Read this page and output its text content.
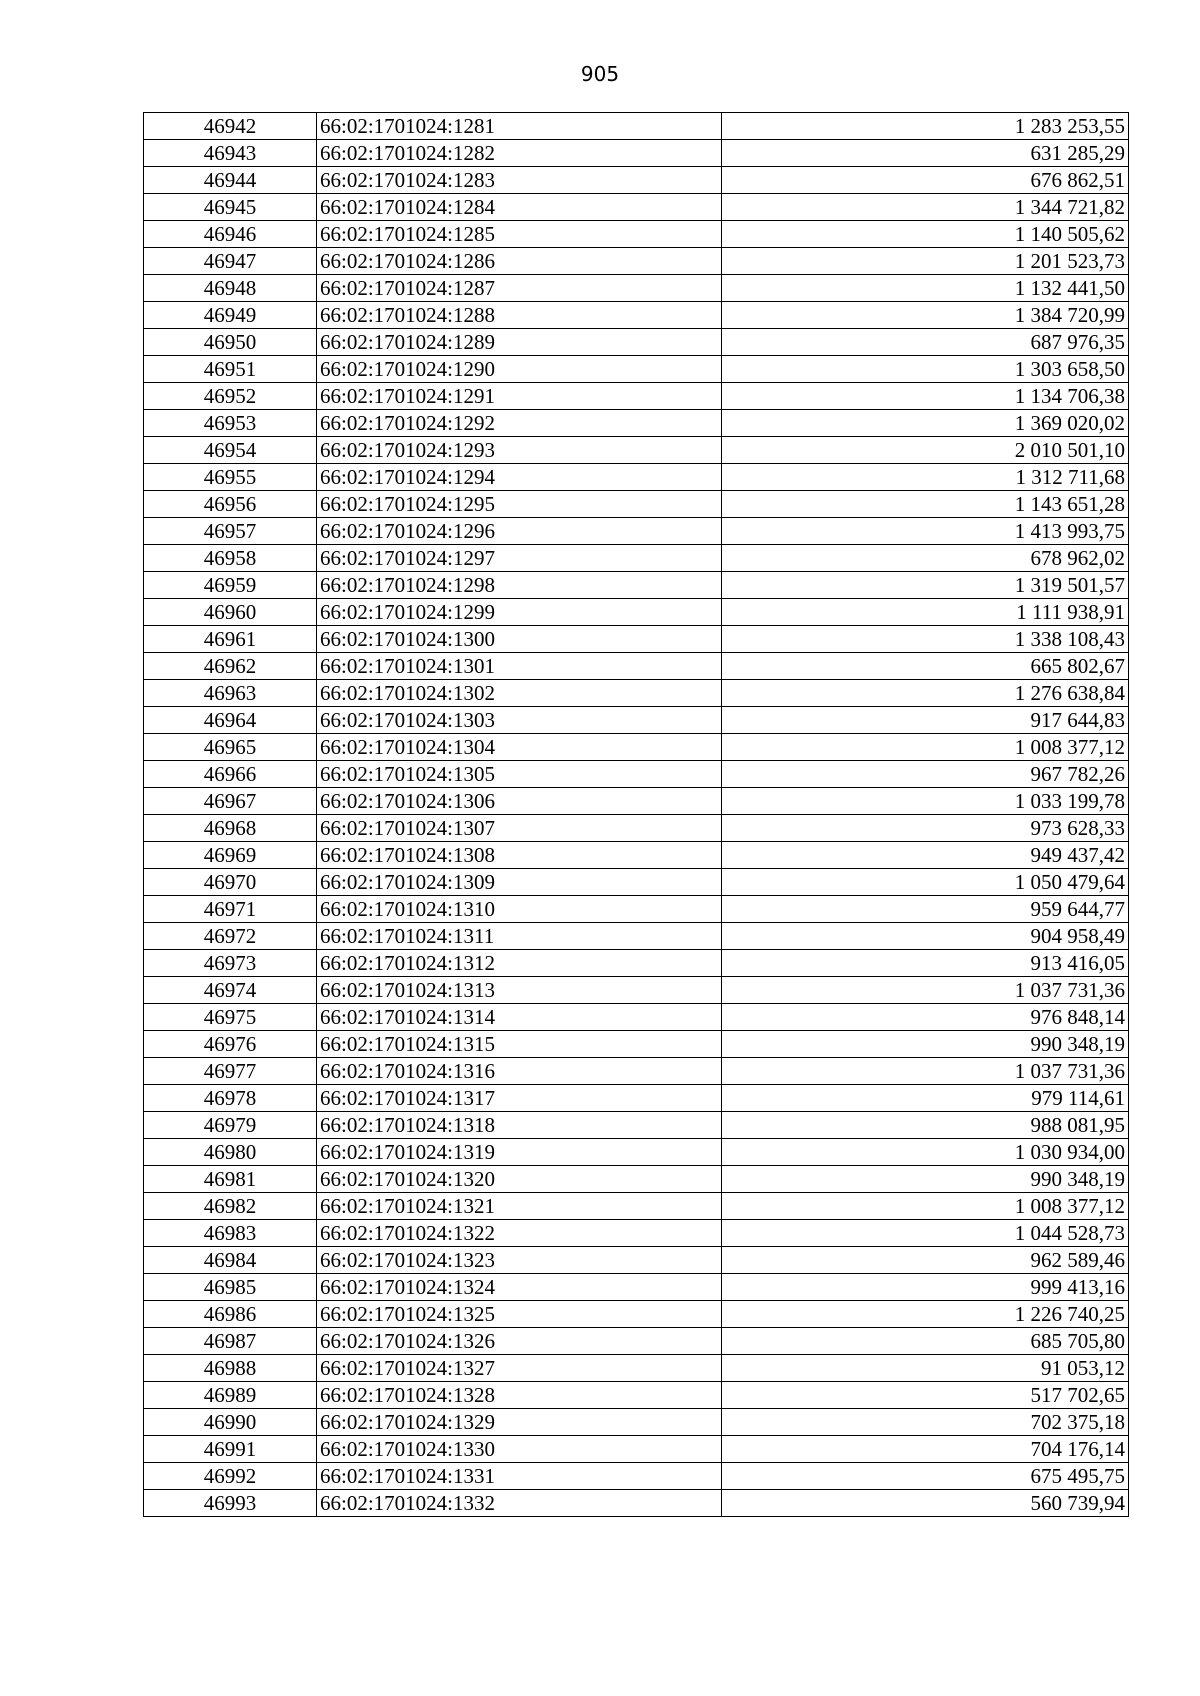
905
46942	66:02:1701024:1281	1 283 253,55
46943	66:02:1701024:1282	631 285,29
46944	66:02:1701024:1283	676 862,51
46945	66:02:1701024:1284	1 344 721,82
46946	66:02:1701024:1285	1 140 505,62
46947	66:02:1701024:1286	1 201 523,73
46948	66:02:1701024:1287	1 132 441,50
46949	66:02:1701024:1288	1 384 720,99
46950	66:02:1701024:1289	687 976,35
46951	66:02:1701024:1290	1 303 658,50
46952	66:02:1701024:1291	1 134 706,38
46953	66:02:1701024:1292	1 369 020,02
46954	66:02:1701024:1293	2 010 501,10
46955	66:02:1701024:1294	1 312 711,68
46956	66:02:1701024:1295	1 143 651,28
46957	66:02:1701024:1296	1 413 993,75
46958	66:02:1701024:1297	678 962,02
46959	66:02:1701024:1298	1 319 501,57
46960	66:02:1701024:1299	1 111 938,91
46961	66:02:1701024:1300	1 338 108,43
46962	66:02:1701024:1301	665 802,67
46963	66:02:1701024:1302	1 276 638,84
46964	66:02:1701024:1303	917 644,83
46965	66:02:1701024:1304	1 008 377,12
46966	66:02:1701024:1305	967 782,26
46967	66:02:1701024:1306	1 033 199,78
46968	66:02:1701024:1307	973 628,33
46969	66:02:1701024:1308	949 437,42
46970	66:02:1701024:1309	1 050 479,64
46971	66:02:1701024:1310	959 644,77
46972	66:02:1701024:1311	904 958,49
46973	66:02:1701024:1312	913 416,05
46974	66:02:1701024:1313	1 037 731,36
46975	66:02:1701024:1314	976 848,14
46976	66:02:1701024:1315	990 348,19
46977	66:02:1701024:1316	1 037 731,36
46978	66:02:1701024:1317	979 114,61
46979	66:02:1701024:1318	988 081,95
46980	66:02:1701024:1319	1 030 934,00
46981	66:02:1701024:1320	990 348,19
46982	66:02:1701024:1321	1 008 377,12
46983	66:02:1701024:1322	1 044 528,73
46984	66:02:1701024:1323	962 589,46
46985	66:02:1701024:1324	999 413,16
46986	66:02:1701024:1325	1 226 740,25
46987	66:02:1701024:1326	685 705,80
46988	66:02:1701024:1327	91 053,12
46989	66:02:1701024:1328	517 702,65
46990	66:02:1701024:1329	702 375,18
46991	66:02:1701024:1330	704 176,14
46992	66:02:1701024:1331	675 495,75
46993	66:02:1701024:1332	560 739,94
